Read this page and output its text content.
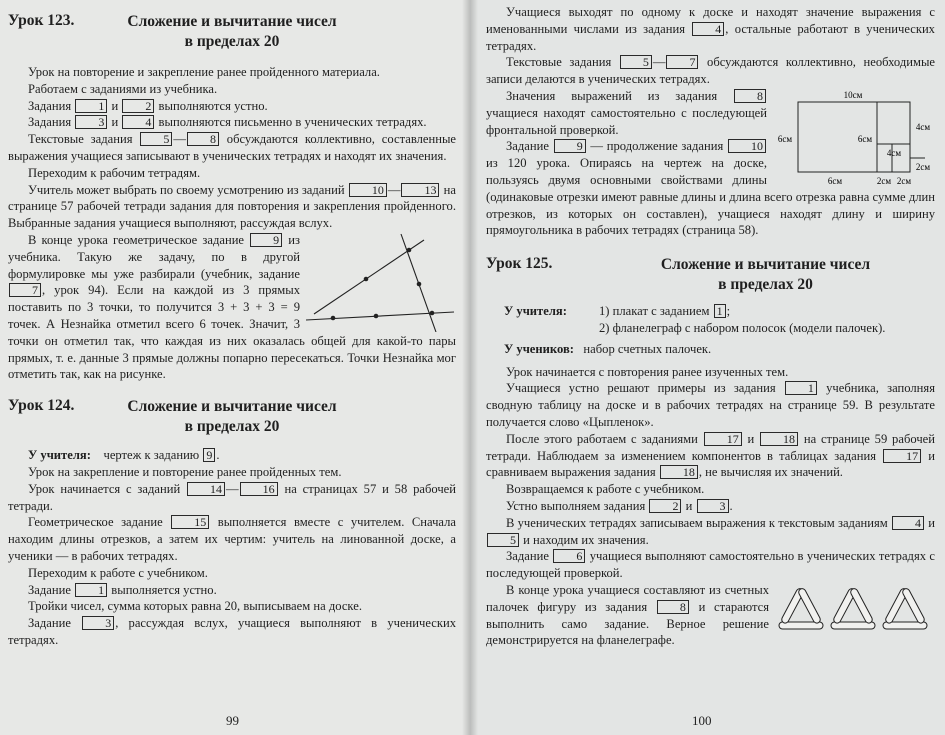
Урок 123.	Сложение и вычитание чисел
в пределах 20

Урок на повторение и закрепление ранее пройденного материала.

Работаем с заданиями из учебника.

Задания 1 и 2 выполняются устно.

Задания 3 и 4 выполняются письменно в ученических тетрадях.

Текстовые задания	5 — 8 обсуждаются коллективно, составленные выражения учащиеся записывают в ученических тетрадях и находят их значения.

Переходим к рабочим тетрадям.

Учитель может выбрать по своему усмотрению из заданий 10 — 13 на странице 57 рабочей тетради задания для повторения и закрепления пройденного. Выбранные задания учащиеся выполняют, рассуждая вслух.

В конце урока геометрическое задание 9 из учебника. Такую же задачу, по в другой формулировке мы уже разбирали (учебник, задание 7 , урок 94). Если на каждой из 3 прямых поставить по 3 точки, то получится 3 + 3 + 3 = 9 точек. А Незнайка отметил всего 6 точек. Значит, 3 точки он отметил так, что каждая из них оказалась общей для какой-то пары прямых, т. е. данные 3 прямые должны попарно пересекаться. Точки Незнайка мог отметить так, как на рисунке.

Урок 124.	Сложение и вычитание чисел
в пределах 20

У учителя: чертеж к заданию 9 .

Урок на закрепление и повторение ранее пройденных тем.

Урок начинается с заданий 14 — 16 на страницах 57 и 58 рабочей тетради.

Геометрическое задание	15 выполняется вместе с учителем. Сначала находим длины отрезков, а затем их чертим: учитель на линованной доске, а ученики — в рабочих тетрадях.

Переходим к работе с учебником.

Задание 1 выполняется устно.

Тройки чисел, сумма которых равна 20, выписываем на доске.

Задание	3 , рассуждая вслух, учащиеся выполняют в ученических тетрадях.

99

Учащиеся выходят по одному к доске и находят значение выражения с именованными числами из задания	4 , остальные работают в ученических тетрадях.

Текстовые задания	5 — 7 обсуждаются коллективно, необходимые записи делаются в ученических тетрадях.

10см
6см	6см
4см
4см
2см
6см	2см 2см

Значения выражений из задания	8 учащиеся находят самостоятельно с последующей фронтальной проверкой.

Задание 9 — продолжение задания 10 из 120 урока. Опираясь на чертеж на доске, пользуясь двумя основными свойствами длины (одинаковые отрезки имеют равные длины и длина всего отрезка равна сумме длин отрезков, из которых он составлен), учащиеся находят длину и ширину прямоугольника в рабочих тетрадях (страница 58).

Урок 125.	Сложение и вычитание чисел
в пределах 20
У учителя:	1) плакат с заданием 1 ;
2) фланелеграф с набором полосок (модели палочек).

У учеников: набор счетных палочек.

Урок начинается с повторения ранее изученных тем.

Учащиеся устно решают примеры из задания	1 учебника, заполняя сводную таблицу на доске и в рабочих тетрадях на странице 59. В результате получается слово «Цыпленок».

После этого работаем с заданиями 17 и 18 на странице 59 рабочей тетради. Наблюдаем за изменением компонентов в таблицах задания	17 и сравниваем выражения задания 18 , не вычисляя их значений.

Возвращаемся к работе с учебником.

Устно выполняем задания 2 и 3 .

В ученических тетрадях записываем выражения к текстовым заданиям 4 и 5 и находим их значения.

Задание 6 учащиеся выполняют самостоятельно в ученических тетрадях с последующей проверкой.

В конце урока учащиеся составляют из счетных палочек фигуру из задания	8 и стараются выполнить само задание. Верное решение демонстрируется на фланелеграфе.

100
